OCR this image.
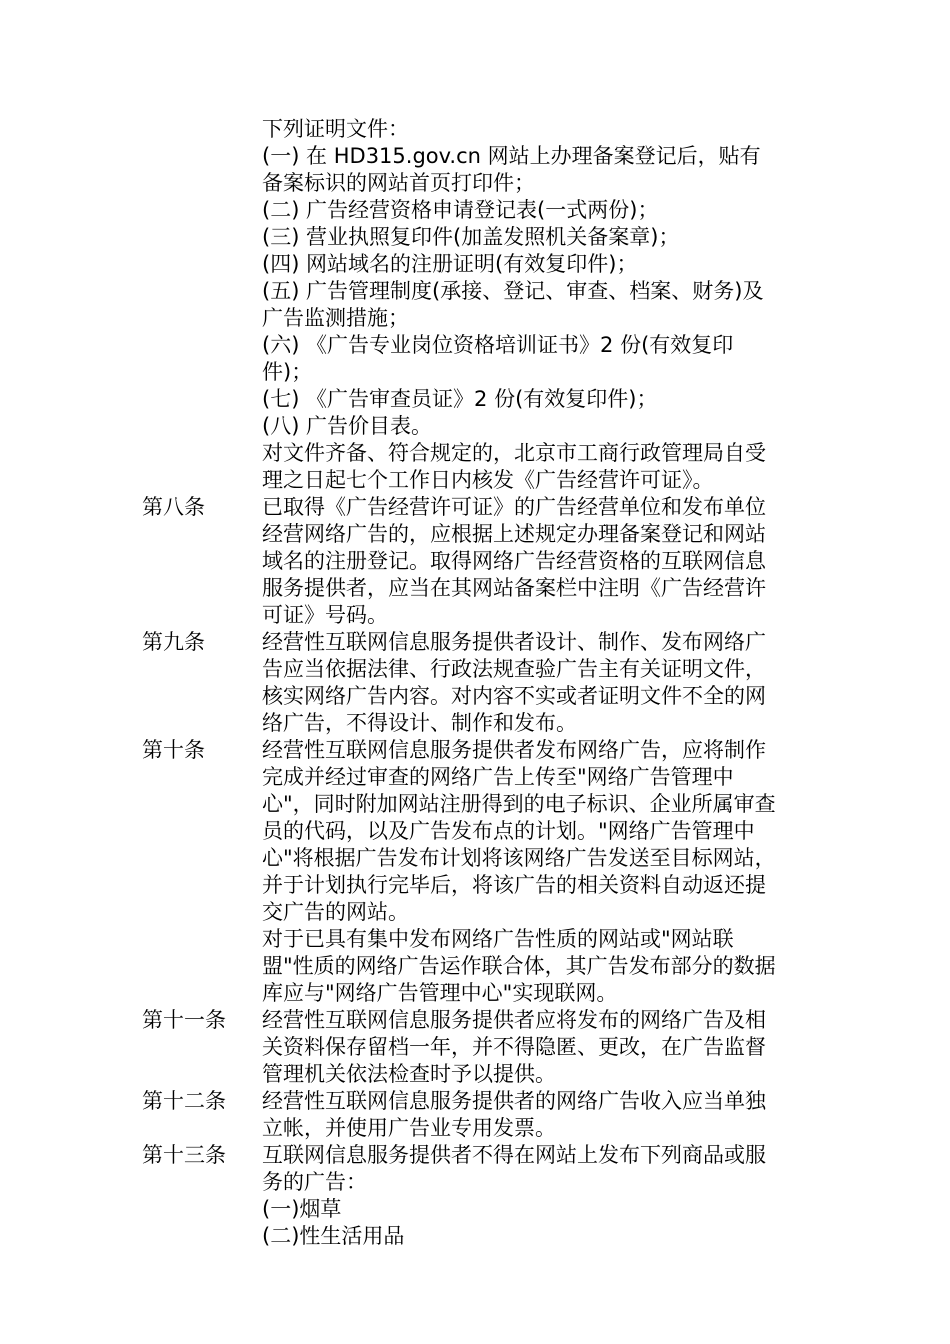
下列证明文件：
(一) 在 HD315.gov.cn 网站上办理备案登记后，贴有
备案标识的网站首页打印件；
(二) 广告经营资格申请登记表(一式两份)；
(三) 营业执照复印件(加盖发照机关备案章)；
(四) 网站域名的注册证明(有效复印件)；
(五) 广告管理制度(承接、登记、审查、档案、财务)及
广告监测措施；
(六) 《广告专业岗位资格培训证书》2 份(有效复印
件)；
(七) 《广告审查员证》2 份(有效复印件)；
(八) 广告价目表。
对文件齐备、符合规定的，北京市工商行政管理局自受
理之日起七个工作日内核发《广告经营许可证》。
第八条	已取得《广告经营许可证》的广告经营单位和发布单位
经营网络广告的，应根据上述规定办理备案登记和网站
域名的注册登记。取得网络广告经营资格的互联网信息
服务提供者，应当在其网站备案栏中注明《广告经营许
可证》号码。
第九条	经营性互联网信息服务提供者设计、制作、发布网络广
告应当依据法律、行政法规查验广告主有关证明文件，
核实网络广告内容。对内容不实或者证明文件不全的网
络广告，不得设计、制作和发布。
第十条	经营性互联网信息服务提供者发布网络广告，应将制作
完成并经过审查的网络广告上传至"网络广告管理中
心"，同时附加网站注册得到的电子标识、企业所属审查
员的代码，以及广告发布点的计划。"网络广告管理中
心"将根据广告发布计划将该网络广告发送至目标网站，
并于计划执行完毕后，将该广告的相关资料自动返还提
交广告的网站。
对于已具有集中发布网络广告性质的网站或"网站联
盟"性质的网络广告运作联合体，其广告发布部分的数据
库应与"网络广告管理中心"实现联网。
第十一条	经营性互联网信息服务提供者应将发布的网络广告及相
关资料保存留档一年，并不得隐匿、更改，在广告监督
管理机关依法检查时予以提供。
第十二条	经营性互联网信息服务提供者的网络广告收入应当单独
立帐，并使用广告业专用发票。
第十三条	互联网信息服务提供者不得在网站上发布下列商品或服
务的广告：
(一)烟草
(二)性生活用品
